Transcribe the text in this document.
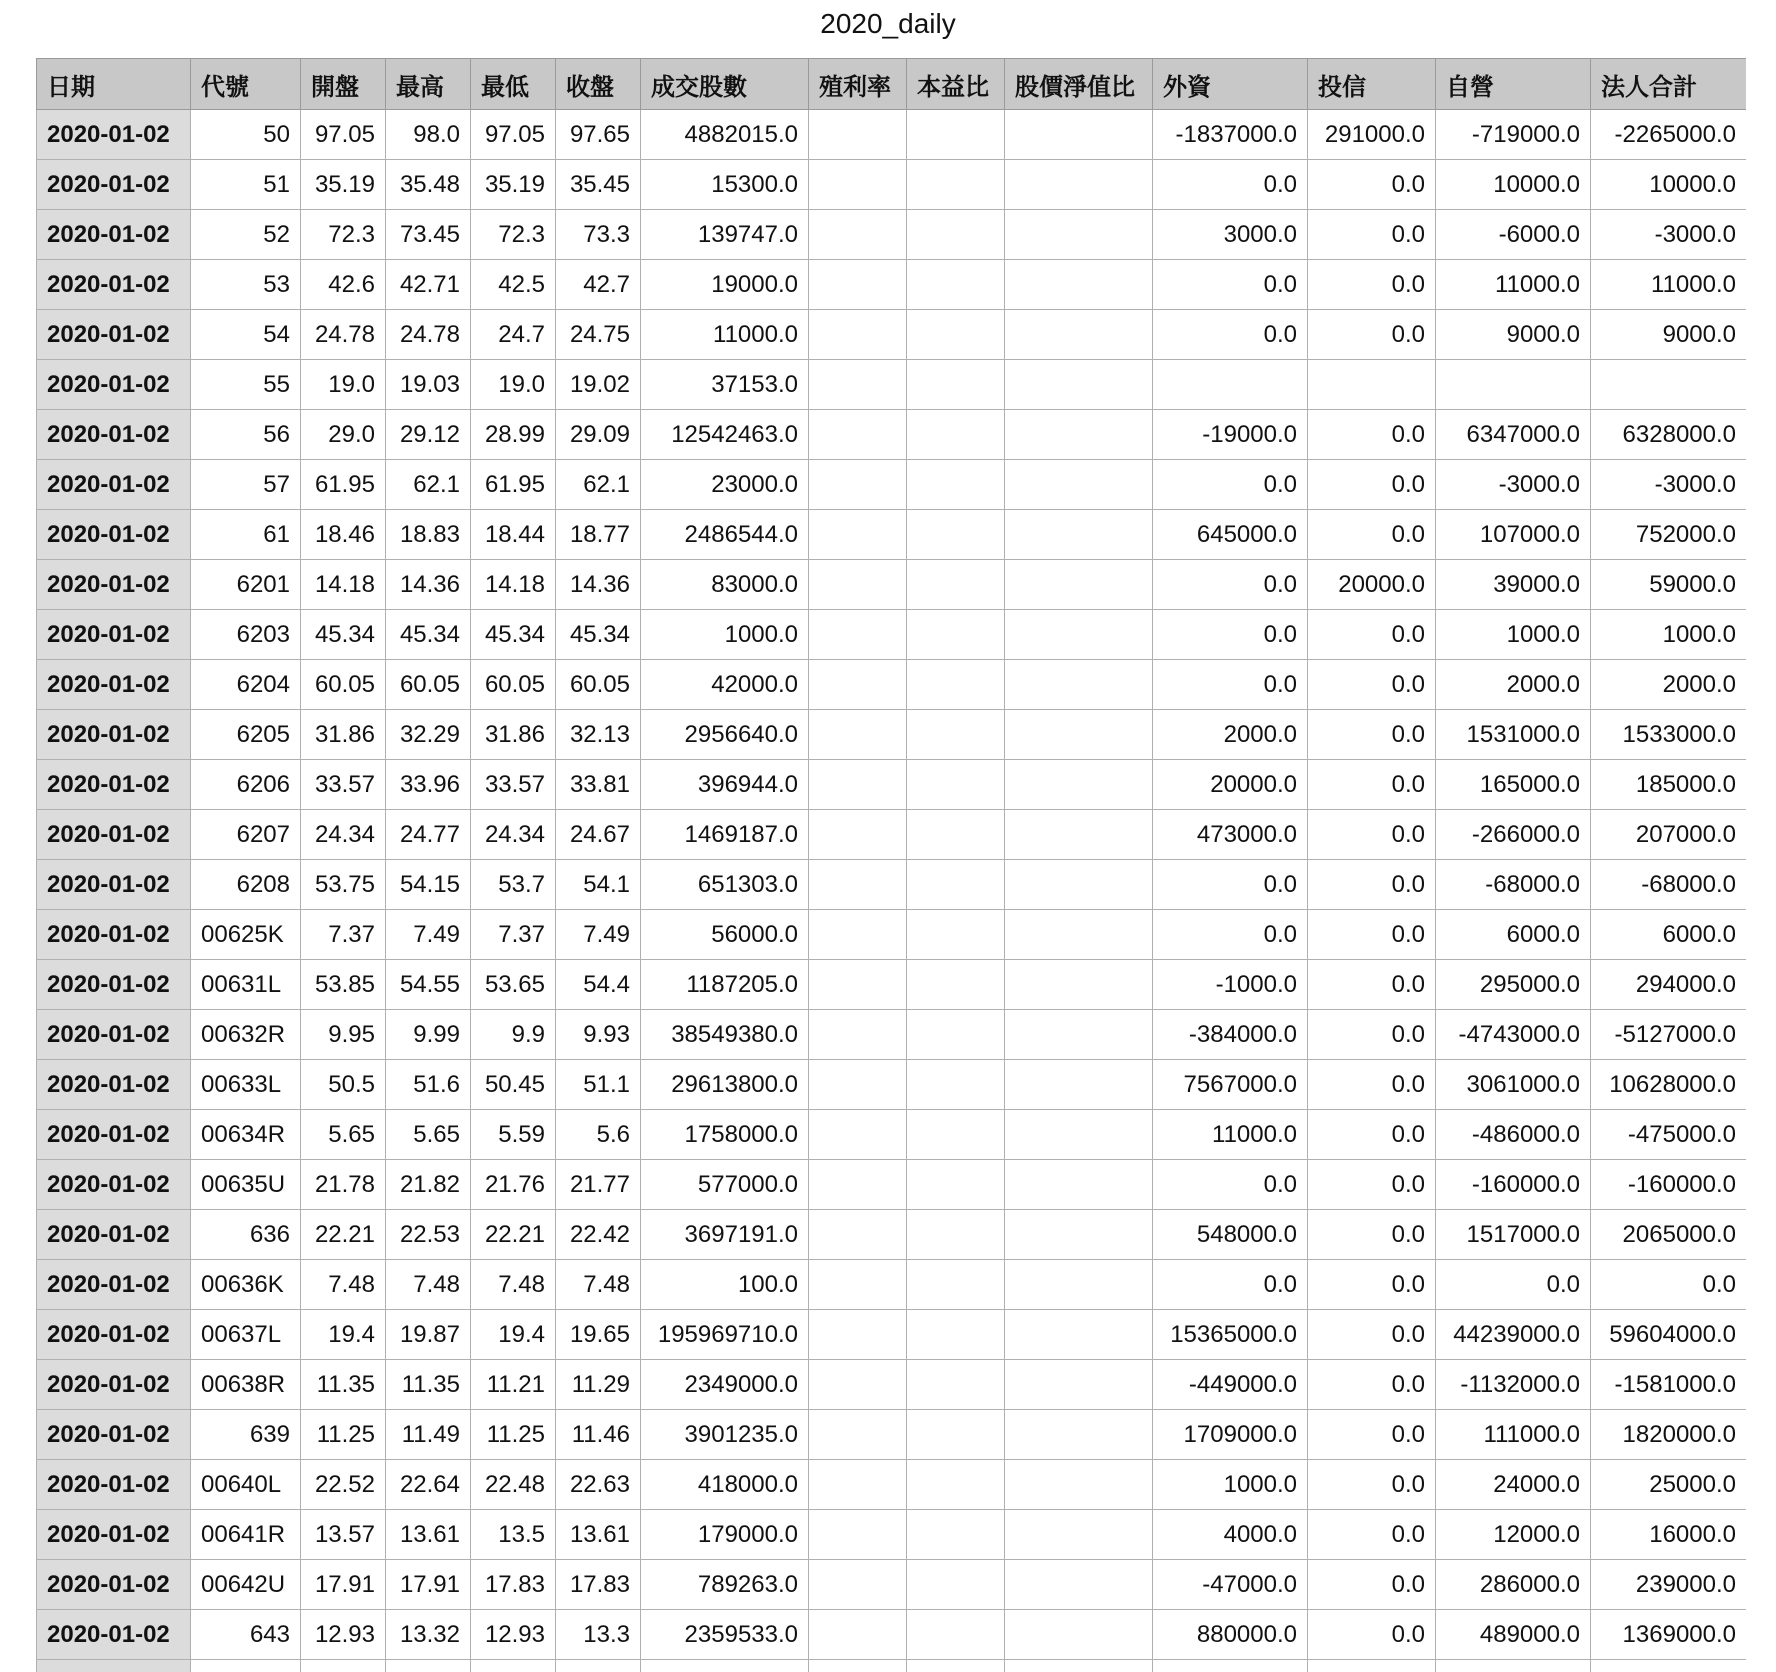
2020_daily
日期	代號	開盤	最高	最低	收盤	成交股數	殖利率	本益比	股價淨值比	外資	投信	自營	法人合計
2020-01-02	50	97.05	98.0	97.05	97.65	4882015.0				-1837000.0	291000.0	-719000.0	-2265000.0
2020-01-02	51	35.19	35.48	35.19	35.45	15300.0				0.0	0.0	10000.0	10000.0
2020-01-02	52	72.3	73.45	72.3	73.3	139747.0				3000.0	0.0	-6000.0	-3000.0
2020-01-02	53	42.6	42.71	42.5	42.7	19000.0				0.0	0.0	11000.0	11000.0
2020-01-02	54	24.78	24.78	24.7	24.75	11000.0				0.0	0.0	9000.0	9000.0
2020-01-02	55	19.0	19.03	19.0	19.02	37153.0							
2020-01-02	56	29.0	29.12	28.99	29.09	12542463.0				-19000.0	0.0	6347000.0	6328000.0
2020-01-02	57	61.95	62.1	61.95	62.1	23000.0				0.0	0.0	-3000.0	-3000.0
2020-01-02	61	18.46	18.83	18.44	18.77	2486544.0				645000.0	0.0	107000.0	752000.0
2020-01-02	6201	14.18	14.36	14.18	14.36	83000.0				0.0	20000.0	39000.0	59000.0
2020-01-02	6203	45.34	45.34	45.34	45.34	1000.0				0.0	0.0	1000.0	1000.0
2020-01-02	6204	60.05	60.05	60.05	60.05	42000.0				0.0	0.0	2000.0	2000.0
2020-01-02	6205	31.86	32.29	31.86	32.13	2956640.0				2000.0	0.0	1531000.0	1533000.0
2020-01-02	6206	33.57	33.96	33.57	33.81	396944.0				20000.0	0.0	165000.0	185000.0
2020-01-02	6207	24.34	24.77	24.34	24.67	1469187.0				473000.0	0.0	-266000.0	207000.0
2020-01-02	6208	53.75	54.15	53.7	54.1	651303.0				0.0	0.0	-68000.0	-68000.0
2020-01-02	00625K	7.37	7.49	7.37	7.49	56000.0				0.0	0.0	6000.0	6000.0
2020-01-02	00631L	53.85	54.55	53.65	54.4	1187205.0				-1000.0	0.0	295000.0	294000.0
2020-01-02	00632R	9.95	9.99	9.9	9.93	38549380.0				-384000.0	0.0	-4743000.0	-5127000.0
2020-01-02	00633L	50.5	51.6	50.45	51.1	29613800.0				7567000.0	0.0	3061000.0	10628000.0
2020-01-02	00634R	5.65	5.65	5.59	5.6	1758000.0				11000.0	0.0	-486000.0	-475000.0
2020-01-02	00635U	21.78	21.82	21.76	21.77	577000.0				0.0	0.0	-160000.0	-160000.0
2020-01-02	636	22.21	22.53	22.21	22.42	3697191.0				548000.0	0.0	1517000.0	2065000.0
2020-01-02	00636K	7.48	7.48	7.48	7.48	100.0				0.0	0.0	0.0	0.0
2020-01-02	00637L	19.4	19.87	19.4	19.65	195969710.0				15365000.0	0.0	44239000.0	59604000.0
2020-01-02	00638R	11.35	11.35	11.21	11.29	2349000.0				-449000.0	0.0	-1132000.0	-1581000.0
2020-01-02	639	11.25	11.49	11.25	11.46	3901235.0				1709000.0	0.0	111000.0	1820000.0
2020-01-02	00640L	22.52	22.64	22.48	22.63	418000.0				1000.0	0.0	24000.0	25000.0
2020-01-02	00641R	13.57	13.61	13.5	13.61	179000.0				4000.0	0.0	12000.0	16000.0
2020-01-02	00642U	17.91	17.91	17.83	17.83	789263.0				-47000.0	0.0	286000.0	239000.0
2020-01-02	643	12.93	13.32	12.93	13.3	2359533.0				880000.0	0.0	489000.0	1369000.0
